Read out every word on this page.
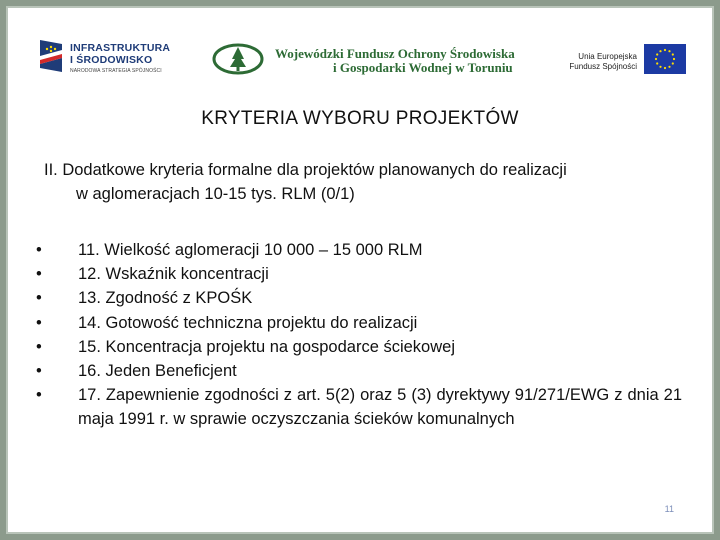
INFRASTRUKTURA
I ŚRODOWISKO
NARODOWA STRATEGIA SPÓJNOŚCI
Wojewódzki Fundusz Ochrony Środowiska
i Gospodarki Wodnej w Toruniu
Unia Europejska
Fundusz Spójności
KRYTERIA WYBORU PROJEKTÓW
II. Dodatkowe kryteria formalne dla projektów planowanych do realizacji
w aglomeracjach 10-15 tys. RLM (0/1)
• 11. Wielkość aglomeracji 10 000 – 15 000 RLM
• 12. Wskaźnik koncentracji
• 13. Zgodność z KPOŚK
• 14. Gotowość techniczna projektu do realizacji
• 15. Koncentracja projektu na gospodarce ściekowej
• 16. Jeden Beneficjent
• 17. Zapewnienie zgodności z art. 5(2) oraz 5 (3) dyrektywy 91/271/EWG z dnia 21 maja 1991 r. w sprawie oczyszczania ścieków komunalnych
11
